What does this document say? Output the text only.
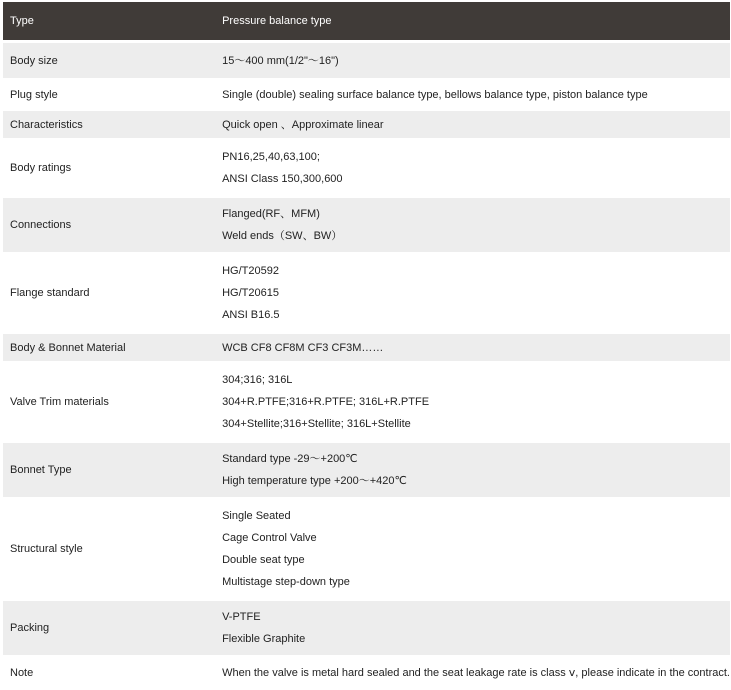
Type	Pressure balance type
Body size	15～400 mm(1/2"～16")

Plug style	Single (double) sealing surface balance type, bellows balance type, piston balance type

Characteristics	Quick open 、Approximate linear

Body ratings	PN16,25,40,63,100;
ANSI Class 150,300,600

Connections	Flanged(RF、MFM)
Weld ends（SW、BW）

Flange standard	HG/T20592
HG/T20615
ANSI B16.5

Body & Bonnet Material	WCB CF8 CF8M CF3 CF3M……

Valve Trim materials	304;316; 316L
304+R.PTFE;316+R.PTFE; 316L+R.PTFE
304+Stellite;316+Stellite; 316L+Stellite

Bonnet Type	Standard type -29～+200℃
High temperature type +200～+420℃

Structural style	Single Seated
Cage Control Valve
Double seat type
Multistage step-down type

Packing	V-PTFE
Flexible Graphite

Note	When the valve is metal hard sealed and the seat leakage rate is class ⅴ, please indicate in the contract.
